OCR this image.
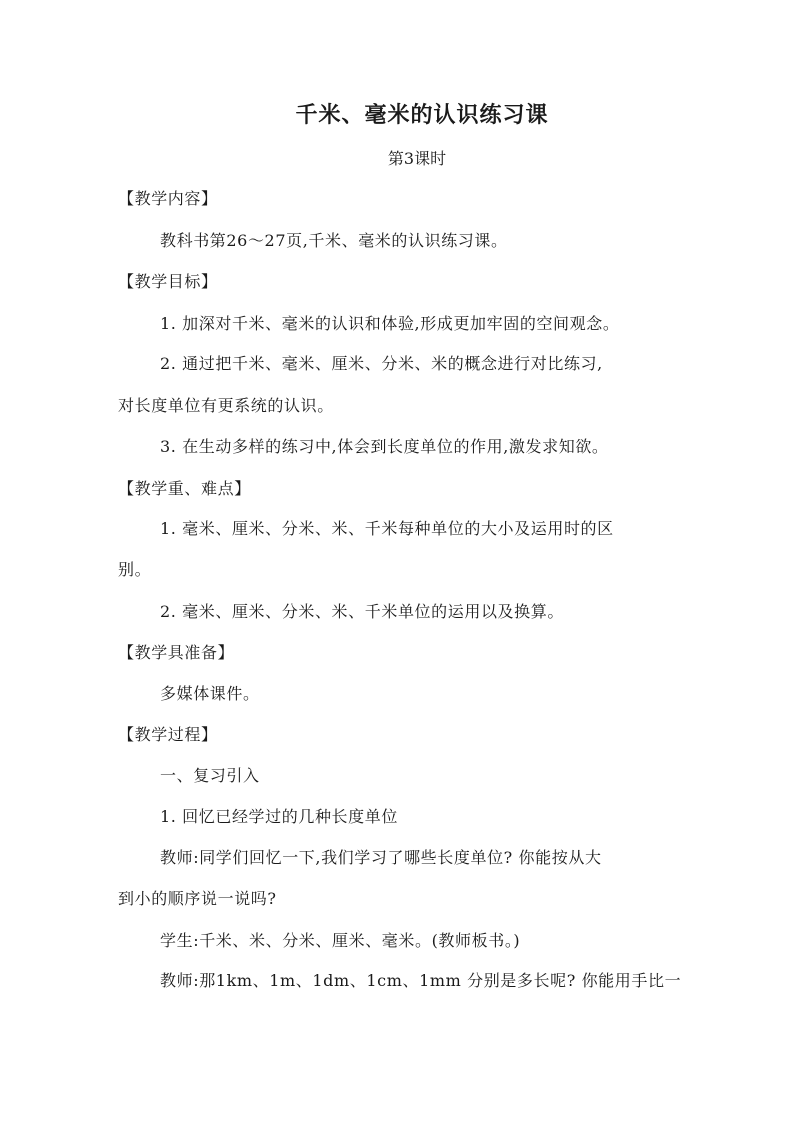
千米、毫米的认识练习课
第3课时
【教学内容】
教科书第26～27页,千米、毫米的认识练习课。
【教学目标】
1. 加深对千米、毫米的认识和体验,形成更加牢固的空间观念。
2. 通过把千米、毫米、厘米、分米、米的概念进行对比练习,
对长度单位有更系统的认识。
3. 在生动多样的练习中,体会到长度单位的作用,激发求知欲。
【教学重、难点】
1. 毫米、厘米、分米、米、千米每种单位的大小及运用时的区
别。
2. 毫米、厘米、分米、米、千米单位的运用以及换算。
【教学具准备】
多媒体课件。
【教学过程】
一、复习引入
1. 回忆已经学过的几种长度单位
教师:同学们回忆一下,我们学习了哪些长度单位? 你能按从大
到小的顺序说一说吗?
学生:千米、米、分米、厘米、毫米。(教师板书。)
教师:那1km、1m、1dm、1cm、1mm 分别是多长呢? 你能用手比一
